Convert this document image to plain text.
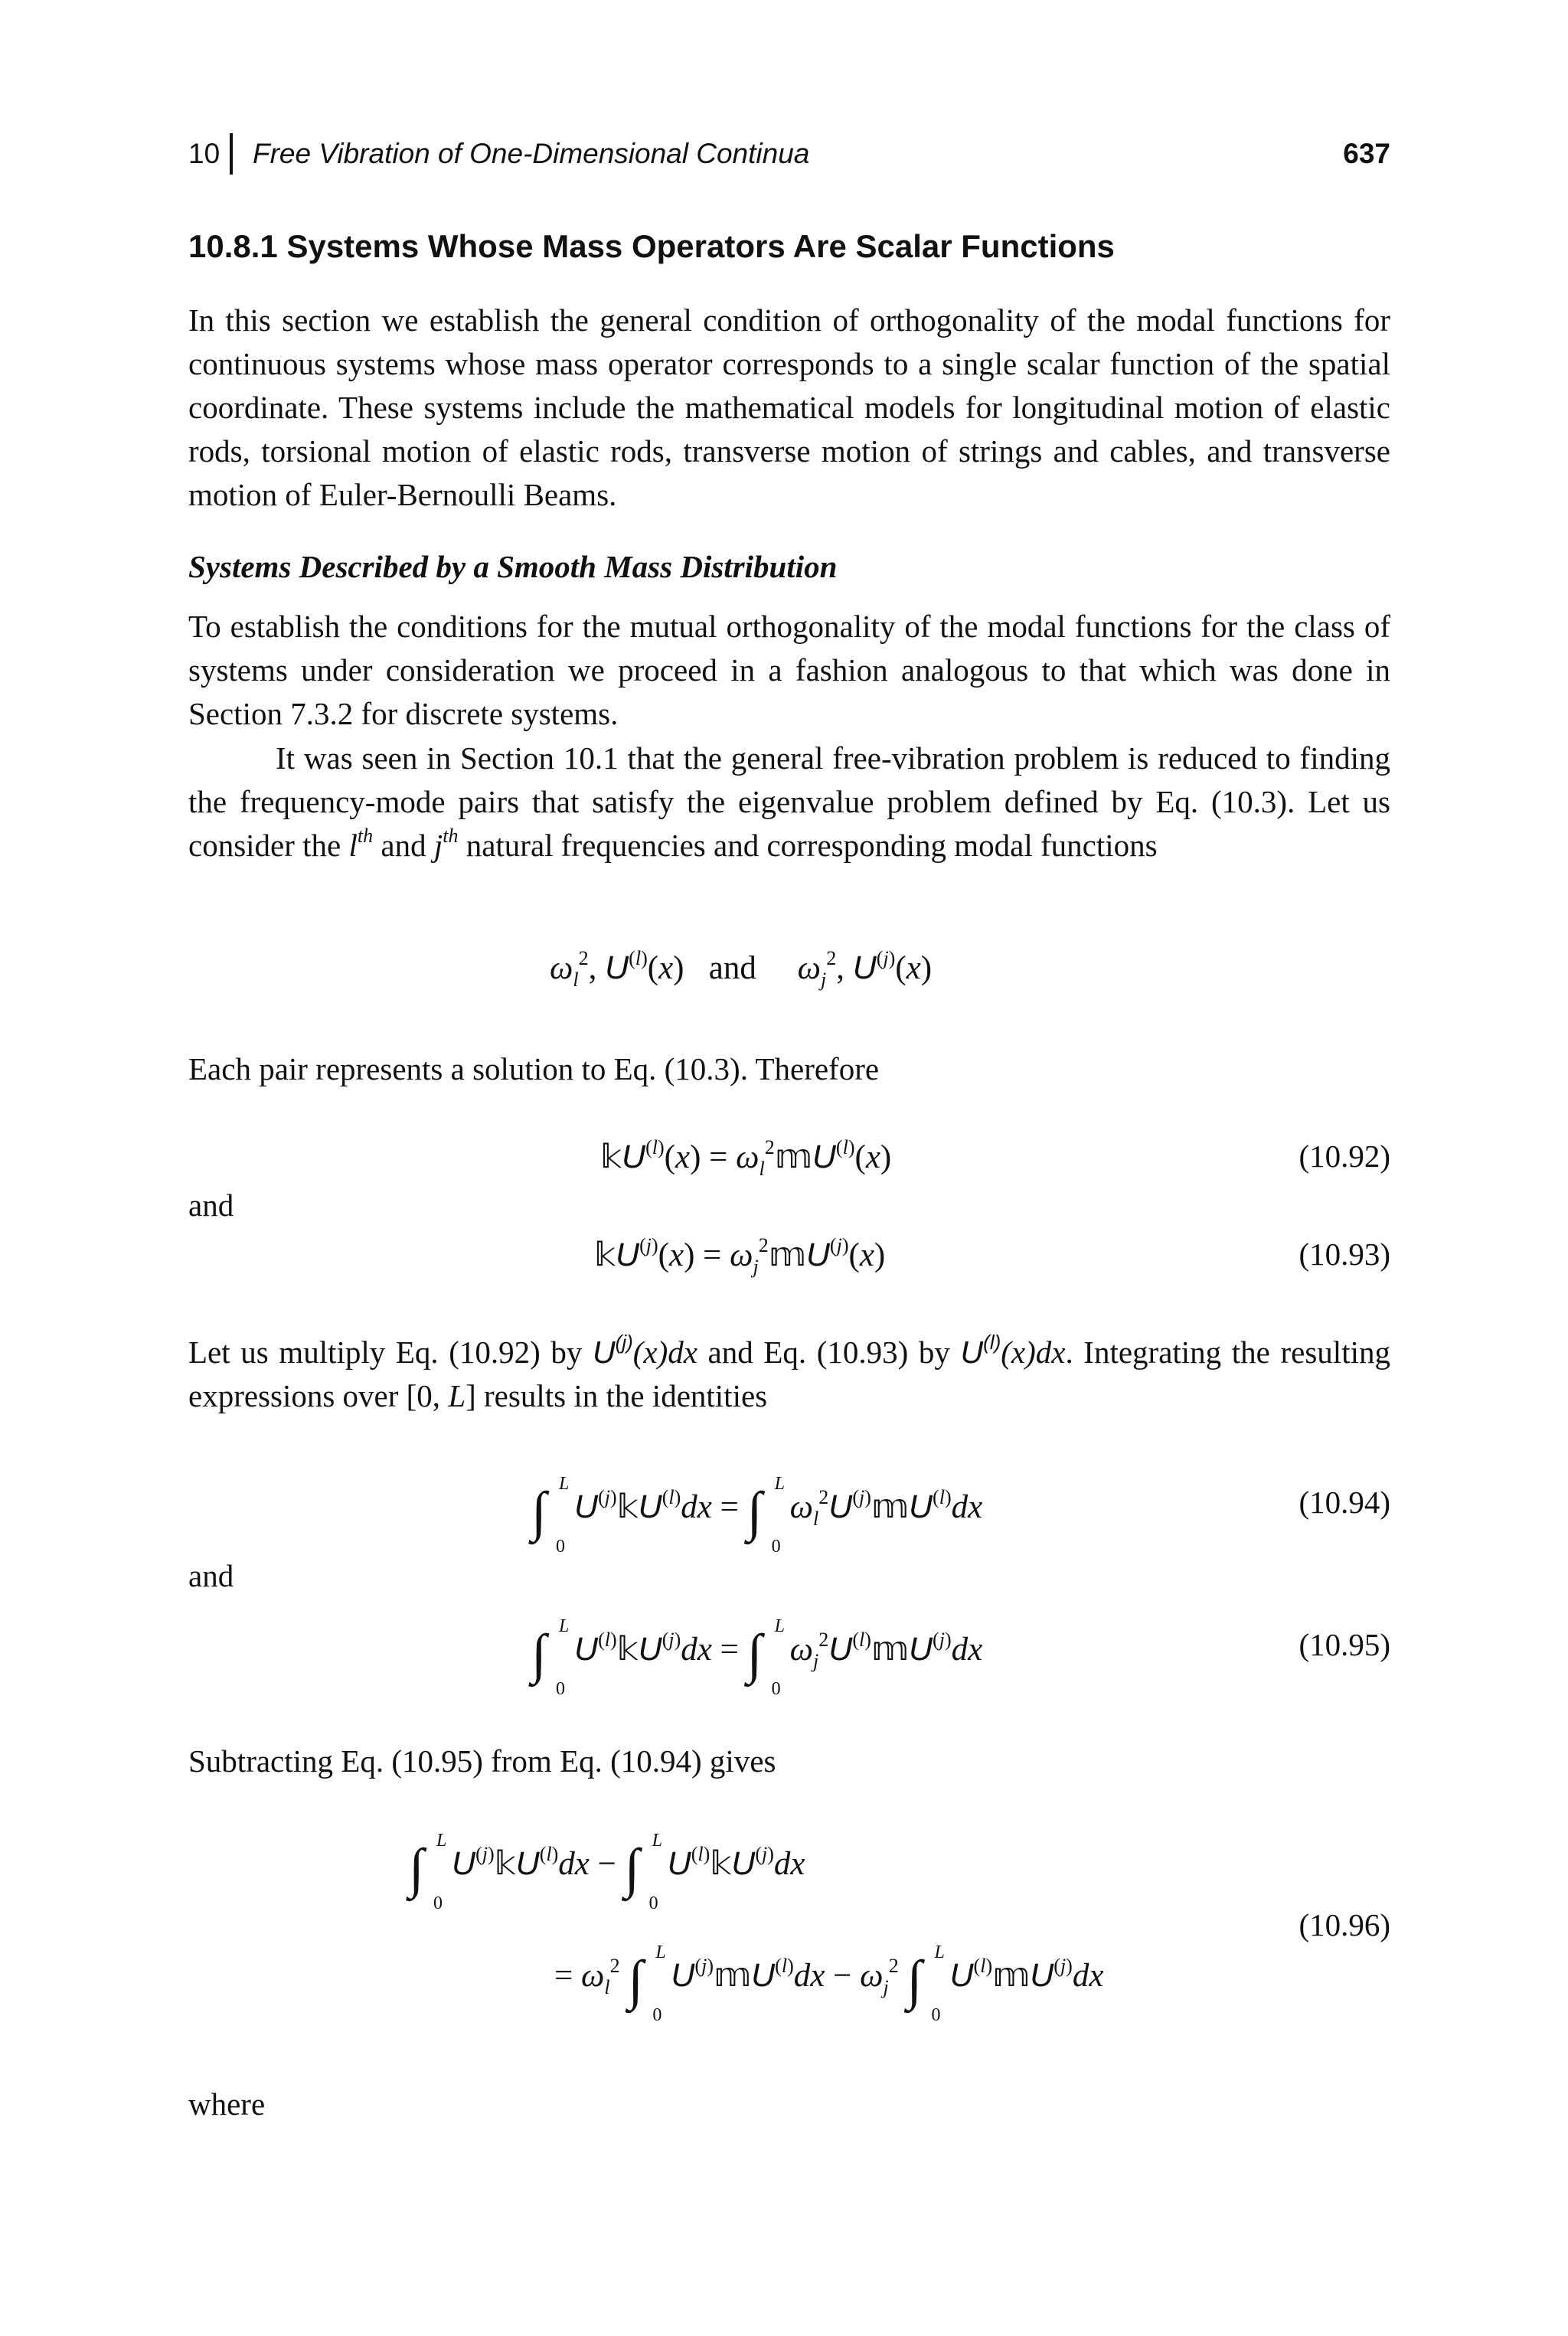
10 Free Vibration of One-Dimensional Continua	637
10.8.1 Systems Whose Mass Operators Are Scalar Functions
In this section we establish the general condition of orthogonality of the modal functions for continuous systems whose mass operator corresponds to a single scalar function of the spatial coordinate. These systems include the mathematical models for longitudinal motion of elastic rods, torsional motion of elastic rods, transverse motion of strings and cables, and transverse motion of Euler-Bernoulli Beams.
Systems Described by a Smooth Mass Distribution
To establish the conditions for the mutual orthogonality of the modal functions for the class of systems under consideration we proceed in a fashion analogous to that which was done in Section 7.3.2 for discrete systems.
It was seen in Section 10.1 that the general free-vibration problem is reduced to finding the frequency-mode pairs that satisfy the eigenvalue problem defined by Eq. (10.3). Let us consider the $l^{th}$ and $j^{th}$ natural frequencies and corresponding modal functions
$\omega_l^2$, $U^{(l)}(x)$   and $\omega_j^2$, $U^{(j)}(x)$
Each pair represents a solution to Eq. (10.3). Therefore
𝕜U$^{(l)}$(x) = $\omega_l^2𝕞U^{(l)}(x)$	(10.92)
and
𝕜U$^{(j)}$(x) = $\omega_j^2𝕞U^{(j)}(x)$	(10.93)
Let us multiply Eq. (10.92) by $U^{(j)}(x)dx$ and Eq. (10.93) by $U^{(l)}(x)dx$. Integrating the resulting expressions over [0, L] results in the identities
∫ L
0
$U^{(j)}𝕜U^{(l)}dx$ = ∫ L
0
$\omega_l^2U^{(j)}𝕞U^{(l)}dx$	(10.94)
and
∫ L
0
$U^{(l)}𝕜U^{(j)}dx$ = ∫ L
0
$\omega_j^2U^{(l)}𝕞U^{(j)}dx$	(10.95)
Subtracting Eq. (10.95) from Eq. (10.94) gives
∫ L
0
$U^{(j)}𝕜U^{(l)}dx$ − ∫ L
0
$U^{(l)}𝕜U^{(j)}dx$
(10.96)
= $\omega_l^2$ ∫ L
0
$U^{(j)}𝕞U^{(l)}dx - \omega_j^2$ ∫ L
0
$U^{(l)}𝕞U^{(j)}dx$
where
